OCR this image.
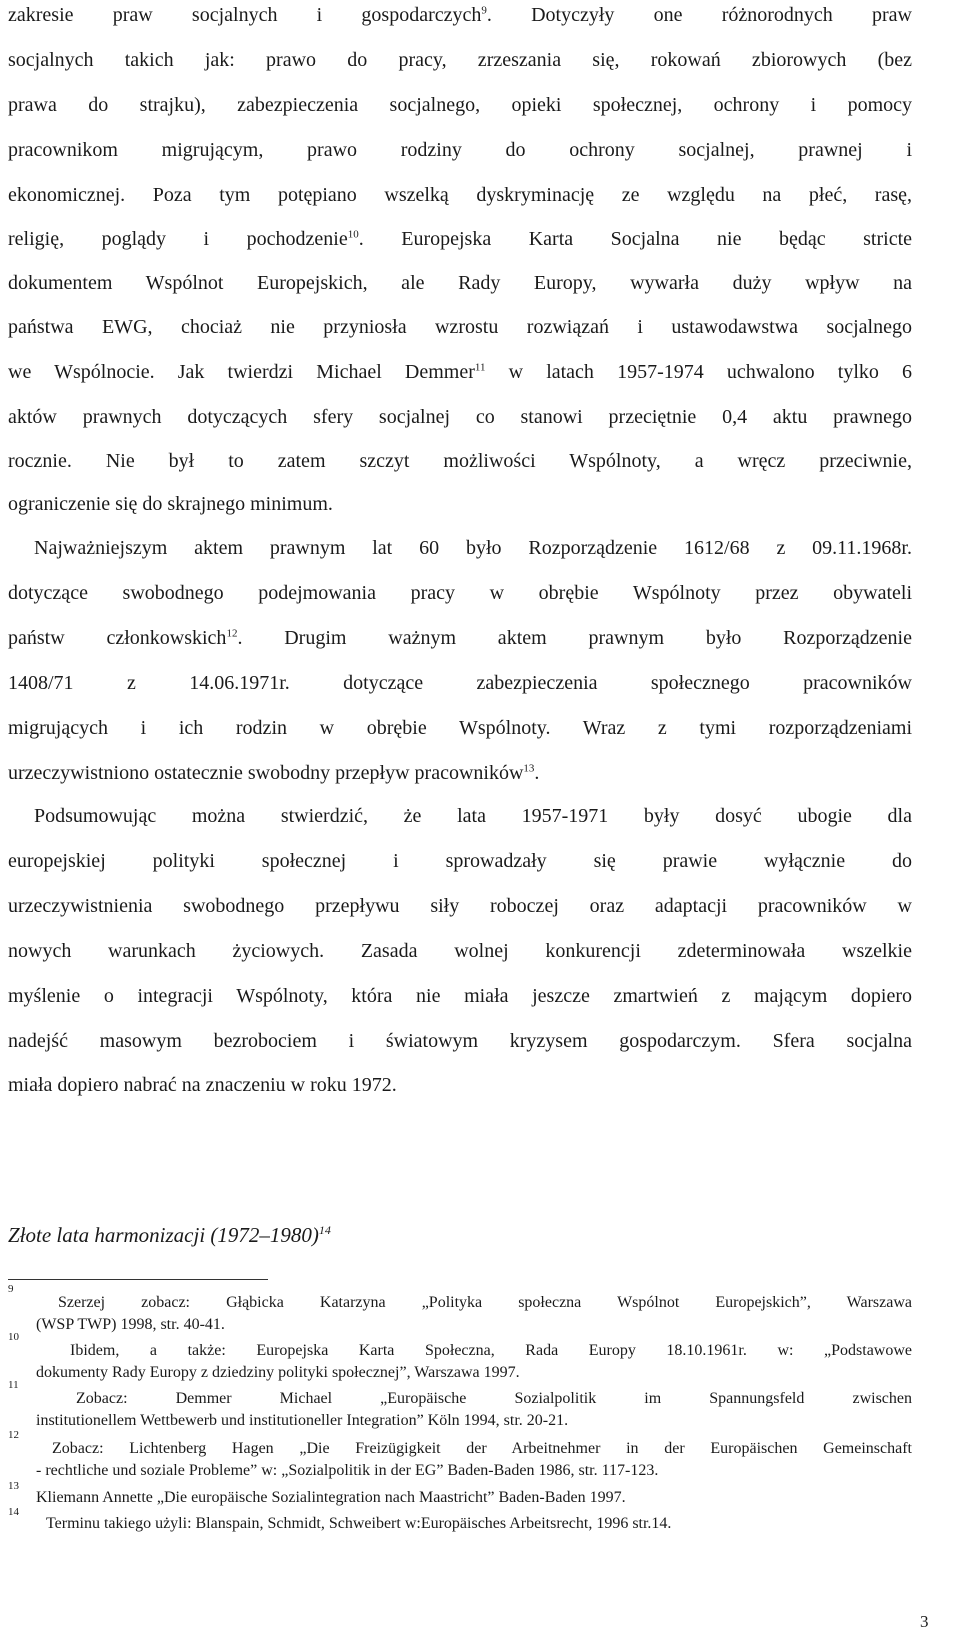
zakresie praw socjalnych i gospodarczych$^9$. Dotyczyły one różnorodnych praw
socjalnych takich jak: prawo do pracy, zrzeszania się, rokowań zbiorowych (bez
prawa do strajku), zabezpieczenia socjalnego, opieki społecznej, ochrony i pomocy
pracownikom migrującym, prawo rodziny do ochrony socjalnej, prawnej i
ekonomicznej. Poza tym potępiano wszelką dyskryminację ze względu na płeć, rasę,
religię, poglądy i pochodzenie$^{10}$. Europejska Karta Socjalna nie będąc stricte
dokumentem Wspólnot Europejskich, ale Rady Europy, wywarła duży wpływ na
państwa EWG, chociaż nie przyniosła wzrostu rozwiązań i ustawodawstwa socjalnego
we Wspólnocie. Jak twierdzi Michael Demmer$^{11}$ w latach 1957-1974 uchwalono tylko 6
aktów prawnych dotyczących sfery socjalnej co stanowi przeciętnie 0,4 aktu prawnego
rocznie. Nie był to zatem szczyt możliwości Wspólnoty, a wręcz przeciwnie,
ograniczenie się do skrajnego minimum.
Najważniejszym aktem prawnym lat 60 było Rozporządzenie 1612/68 z 09.11.1968r.
dotyczące swobodnego podejmowania pracy w obrębie Wspólnoty przez obywateli
państw członkowskich$^{12}$. Drugim ważnym aktem prawnym było Rozporządzenie
1408/71 z 14.06.1971r. dotyczące zabezpieczenia społecznego pracowników
migrujących i ich rodzin w obrębie Wspólnoty. Wraz z tymi rozporządzeniami
urzeczywistniono ostatecznie swobodny przepływ pracowników$^{13}$.
Podsumowując można stwierdzić, że lata 1957-1971 były dosyć ubogie dla
europejskiej polityki społecznej i sprowadzały się prawie wyłącznie do
urzeczywistnienia swobodnego przepływu siły roboczej oraz adaptacji pracowników w
nowych warunkach życiowych. Zasada wolnej konkurencji zdeterminowała wszelkie
myślenie o integracji Wspólnoty, która nie miała jeszcze zmartwień z mającym dopiero
nadejść masowym bezrobociem i światowym kryzysem gospodarczym. Sfera socjalna
miała dopiero nabrać na znaczeniu w roku 1972.
Złote lata harmonizacji (1972–1980)$^{14}$
9
Szerzej zobacz: Głąbicka Katarzyna „Polityka społeczna Wspólnot Europejskich”, Warszawa
(WSP TWP) 1998, str. 40-41.
10
Ibidem, a także: Europejska Karta Społeczna, Rada Europy 18.10.1961r. w: „Podstawowe
dokumenty Rady Europy z dziedziny polityki społecznej”, Warszawa 1997.
11
Zobacz: Demmer Michael „Europäische Sozialpolitik im Spannungsfeld zwischen
institutionellem Wettbewerb und institutioneller Integration” Köln 1994, str. 20-21.
12
Zobacz: Lichtenberg Hagen „Die Freizügigkeit der Arbeitnehmer in der Europäischen Gemeinschaft
- rechtliche und soziale Probleme” w: „Sozialpolitik in der EG” Baden-Baden 1986, str. 117-123.
13
Kliemann Annette „Die europäische Sozialintegration nach Maastricht” Baden-Baden 1997.
14
Terminu takiego użyli: Blanspain, Schmidt, Schweibert w:Europäisches Arbeitsrecht, 1996 str.14.
3
